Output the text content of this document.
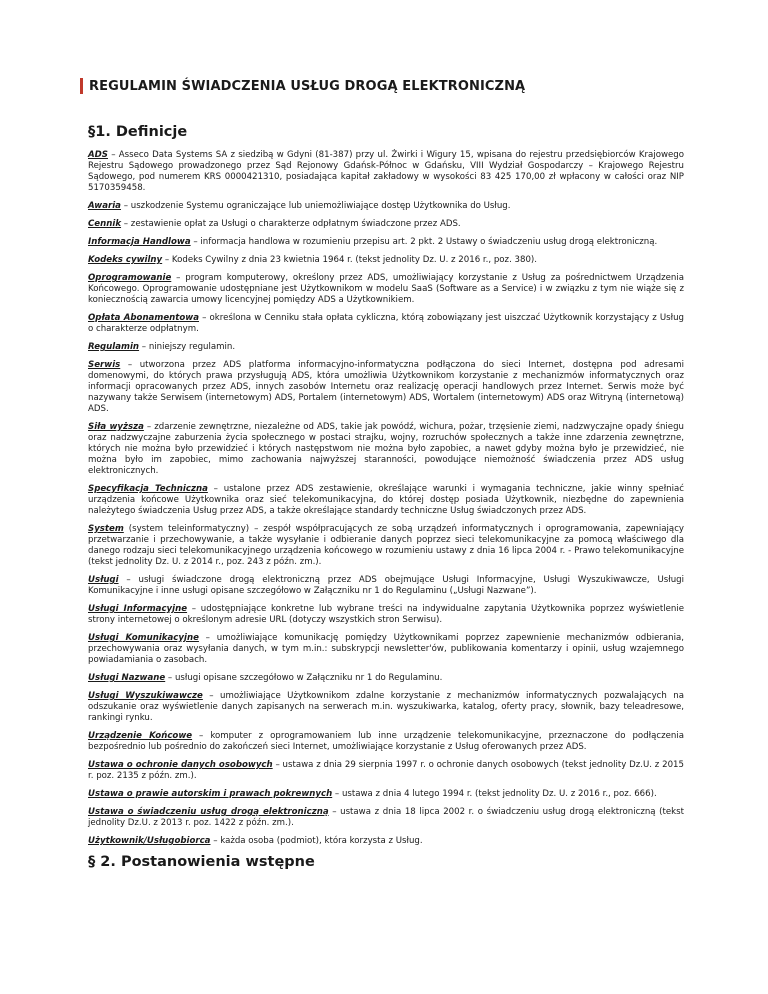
REGULAMIN ŚWIADCZENIA USŁUG DROGĄ ELEKTRONICZNĄ
§1. Definicje

ADS – Asseco Data Systems SA z siedzibą w Gdyni (81-387) przy ul. Żwirki i Wigury 15, wpisana do rejestru przedsiębiorców Krajowego Rejestru Sądowego prowadzonego przez Sąd Rejonowy Gdańsk-Północ w Gdańsku, VIII Wydział Gospodarczy – Krajowego Rejestru Sądowego, pod numerem KRS 0000421310, posiadająca kapitał zakładowy w wysokości 83 425 170,00 zł wpłacony w całości oraz NIP 5170359458.

Awaria – uszkodzenie Systemu ograniczające lub uniemożliwiające dostęp Użytkownika do Usług.

Cennik – zestawienie opłat za Usługi o charakterze odpłatnym świadczone przez ADS.

Informacja Handlowa – informacja handlowa w rozumieniu przepisu art. 2 pkt. 2 Ustawy o świadczeniu usług drogą elektroniczną.

Kodeks cywilny – Kodeks Cywilny z dnia 23 kwietnia 1964 r. (tekst jednolity Dz. U. z 2016 r., poz. 380).

Oprogramowanie – program komputerowy, określony przez ADS, umożliwiający korzystanie z Usług za pośrednictwem Urządzenia Końcowego. Oprogramowanie udostępniane jest Użytkownikom w modelu SaaS (Software as a Service) i w związku z tym nie wiąże się z koniecznością zawarcia umowy licencyjnej pomiędzy ADS a Użytkownikiem.

Opłata Abonamentowa – określona w Cenniku stała opłata cykliczna, którą zobowiązany jest uiszczać Użytkownik korzystający z Usług o charakterze odpłatnym.

Regulamin – niniejszy regulamin.

Serwis – utworzona przez ADS platforma informacyjno-informatyczna podłączona do sieci Internet, dostępna pod adresami domenowymi, do których prawa przysługują ADS, która umożliwia Użytkownikom korzystanie z mechanizmów informatycznych oraz informacji opracowanych przez ADS, innych zasobów Internetu oraz realizację operacji handlowych przez Internet. Serwis może być nazywany także Serwisem (internetowym) ADS, Portalem (internetowym) ADS, Wortalem (internetowym) ADS oraz Witryną (internetową) ADS.

Siła wyższa – zdarzenie zewnętrzne, niezależne od ADS, takie jak powódź, wichura, pożar, trzęsienie ziemi, nadzwyczajne opady śniegu oraz nadzwyczajne zaburzenia życia społecznego w postaci strajku, wojny, rozruchów społecznych a także inne zdarzenia zewnętrzne, których nie można było przewidzieć i których następstwom nie można było zapobiec, a nawet gdyby można było je przewidzieć, nie można było im zapobiec, mimo zachowania najwyższej staranności, powodujące niemożność świadczenia przez ADS usług elektronicznych.

Specyfikacja Techniczna – ustalone przez ADS zestawienie, określające warunki i wymagania techniczne, jakie winny spełniać urządzenia końcowe Użytkownika oraz sieć telekomunikacyjna, do której dostęp posiada Użytkownik, niezbędne do zapewnienia należytego świadczenia Usług przez ADS, a także określające standardy techniczne Usług świadczonych przez ADS.

System (system teleinformatyczny) – zespół współpracujących ze sobą urządzeń informatycznych i oprogramowania, zapewniający przetwarzanie i przechowywanie, a także wysyłanie i odbieranie danych poprzez sieci telekomunikacyjne za pomocą właściwego dla danego rodzaju sieci telekomunikacyjnego urządzenia końcowego w rozumieniu ustawy z dnia 16 lipca 2004 r. - Prawo telekomunikacyjne (tekst jednolity Dz. U. z 2014 r., poz. 243 z późn. zm.).

Usługi – usługi świadczone drogą elektroniczną przez ADS obejmujące Usługi Informacyjne, Usługi Wyszukiwawcze, Usługi Komunikacyjne i inne usługi opisane szczegółowo w Załączniku nr 1 do Regulaminu („Usługi Nazwane”).

Usługi Informacyjne – udostępniające konkretne lub wybrane treści na indywidualne zapytania Użytkownika poprzez wyświetlenie strony internetowej o określonym adresie URL (dotyczy wszystkich stron Serwisu).

Usługi Komunikacyjne – umożliwiające komunikację pomiędzy Użytkownikami poprzez zapewnienie mechanizmów odbierania, przechowywania oraz wysyłania danych, w tym m.in.: subskrypcji newsletter'ów, publikowania komentarzy i opinii, usług wzajemnego powiadamiania o zasobach.

Usługi Nazwane – usługi opisane szczegółowo w Załączniku nr 1 do Regulaminu.

Usługi Wyszukiwawcze – umożliwiające Użytkownikom zdalne korzystanie z mechanizmów informatycznych pozwalających na odszukanie oraz wyświetlenie danych zapisanych na serwerach m.in. wyszukiwarka, katalog, oferty pracy, słownik, bazy teleadresowe, rankingi rynku.

Urządzenie Końcowe – komputer z oprogramowaniem lub inne urządzenie telekomunikacyjne, przeznaczone do podłączenia bezpośrednio lub pośrednio do zakończeń sieci Internet, umożliwiające korzystanie z Usług oferowanych przez ADS.

Ustawa o ochronie danych osobowych – ustawa z dnia 29 sierpnia 1997 r. o ochronie danych osobowych (tekst jednolity Dz.U. z 2015 r. poz. 2135 z późn. zm.).

Ustawa o prawie autorskim i prawach pokrewnych – ustawa z dnia 4 lutego 1994 r. (tekst jednolity Dz. U. z 2016 r., poz. 666).

Ustawa o świadczeniu usług drogą elektroniczną – ustawa z dnia 18 lipca 2002 r. o świadczeniu usług drogą elektroniczną (tekst jednolity Dz.U. z 2013 r. poz. 1422 z późn. zm.).

Użytkownik/Usługobiorca – każda osoba (podmiot), która korzysta z Usług.

§ 2. Postanowienia wstępne
